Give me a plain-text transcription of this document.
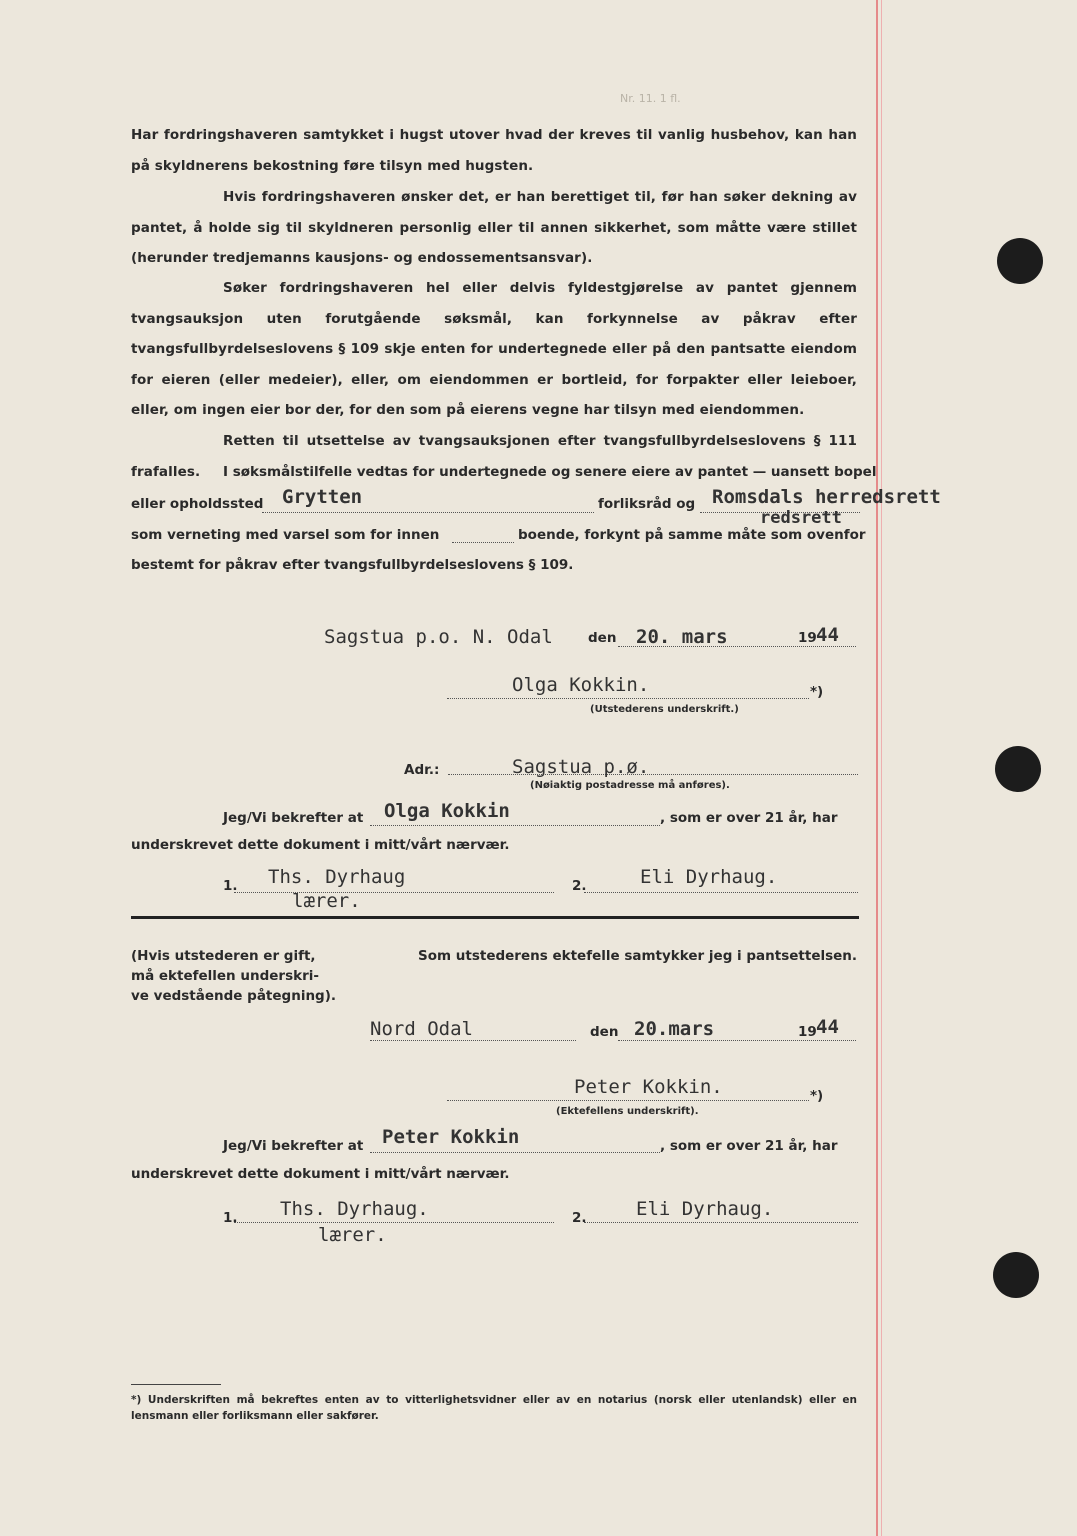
Nr. 11. 1 fl.
Har fordringshaveren samtykket i hugst utover hvad der kreves til vanlig husbehov, kan han på skyldnerens bekostning føre tilsyn med hugsten.
Hvis fordringshaveren ønsker det, er han berettiget til, før han søker dekning av pantet, å holde sig til skyldneren personlig eller til annen sikkerhet, som måtte være stillet (herunder tredjemanns kausjons- og endossementsansvar).
Søker fordringshaveren hel eller delvis fyldestgjørelse av pantet gjennem tvangsauksjon uten forutgående søksmål, kan forkynnelse av påkrav efter tvangsfullbyrdelseslovens § 109 skje enten for undertegnede eller på den pantsatte eiendom for eieren (eller medeier), eller, om eiendommen er bortleid, for forpakter eller leieboer, eller, om ingen eier bor der, for den som på eierens vegne har tilsyn med eiendommen.
Retten til utsettelse av tvangsauksjonen efter tvangsfullbyrdelseslovens § 111 frafalles.	I søksmålstilfelle vedtas for undertegnede og senere eiere av pantet — uansett bopel
eller opholdssted Grytten	forliksråd og Romsdals herredsrett
redsrett
som verneting med varsel som for innen	boende, forkynt på samme måte som ovenfor
bestemt for påkrav efter tvangsfullbyrdelseslovens § 109.
Sagstua p.o. N. Odal	den 20. mars	19 44
Olga Kokkin.	*)
(Utstederens underskrift.)
Adr.:	Sagstua p.ø.
(Nøiaktig postadresse må anføres).
Jeg/Vi bekrefter at Olga Kokkin	, som er over 21 år, har
underskrevet dette dokument i mitt/vårt nærvær.
1. Ths. Dyrhaug
lærer.
2.	Eli Dyrhaug.
(Hvis utstederen er gift,
må ektefellen underskri-
ve vedstående påtegning).
Som utstederens ektefelle samtykker jeg i pantsettelsen.
Nord Odal	den 20.mars	19 44
Peter Kokkin.	*)
(Ektefellens underskrift).
Jeg/Vi bekrefter at Peter Kokkin	, som er over 21 år, har
underskrevet dette dokument i mitt/vårt nærvær.
1. Ths. Dyrhaug.
lærer.
2.	Eli Dyrhaug.
*) Underskriften må bekreftes enten av to vitterlighetsvidner eller av en notarius (norsk eller utenlandsk) eller en lensmann eller forliksmann eller sakfører.
